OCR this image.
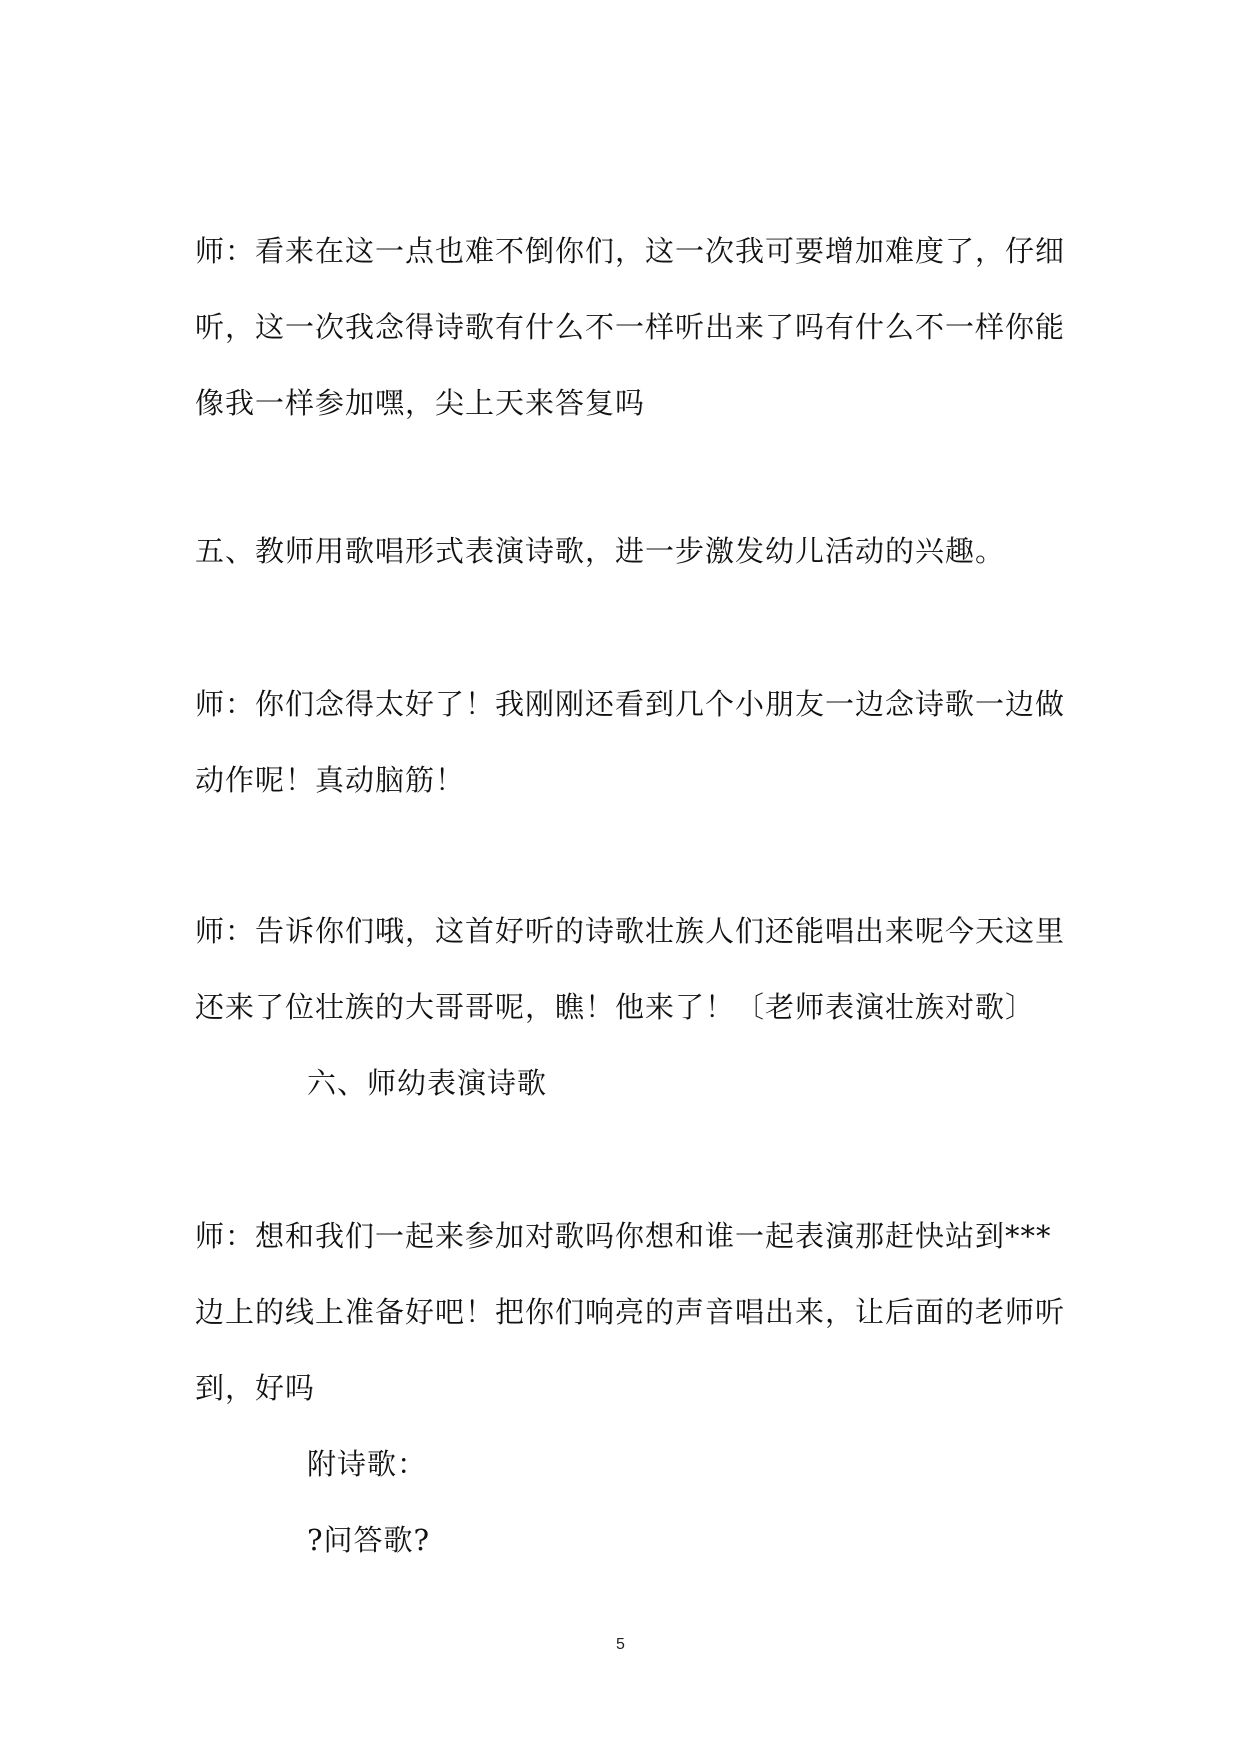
师：看来在这一点也难不倒你们，这一次我可要增加难度了，仔细
听，这一次我念得诗歌有什么不一样听出来了吗有什么不一样你能
像我一样参加嘿，尖上天来答复吗
五、教师用歌唱形式表演诗歌，进一步激发幼儿活动的兴趣。
师：你们念得太好了！我刚刚还看到几个小朋友一边念诗歌一边做
动作呢！真动脑筋！
师：告诉你们哦，这首好听的诗歌壮族人们还能唱出来呢今天这里
还来了位壮族的大哥哥呢，瞧！他来了！〔老师表演壮族对歌〕
六、师幼表演诗歌
师：想和我们一起来参加对歌吗你想和谁一起表演那赶快站到***
边上的线上准备好吧！把你们响亮的声音唱出来，让后面的老师听
到，好吗
附诗歌：
?问答歌?
5
